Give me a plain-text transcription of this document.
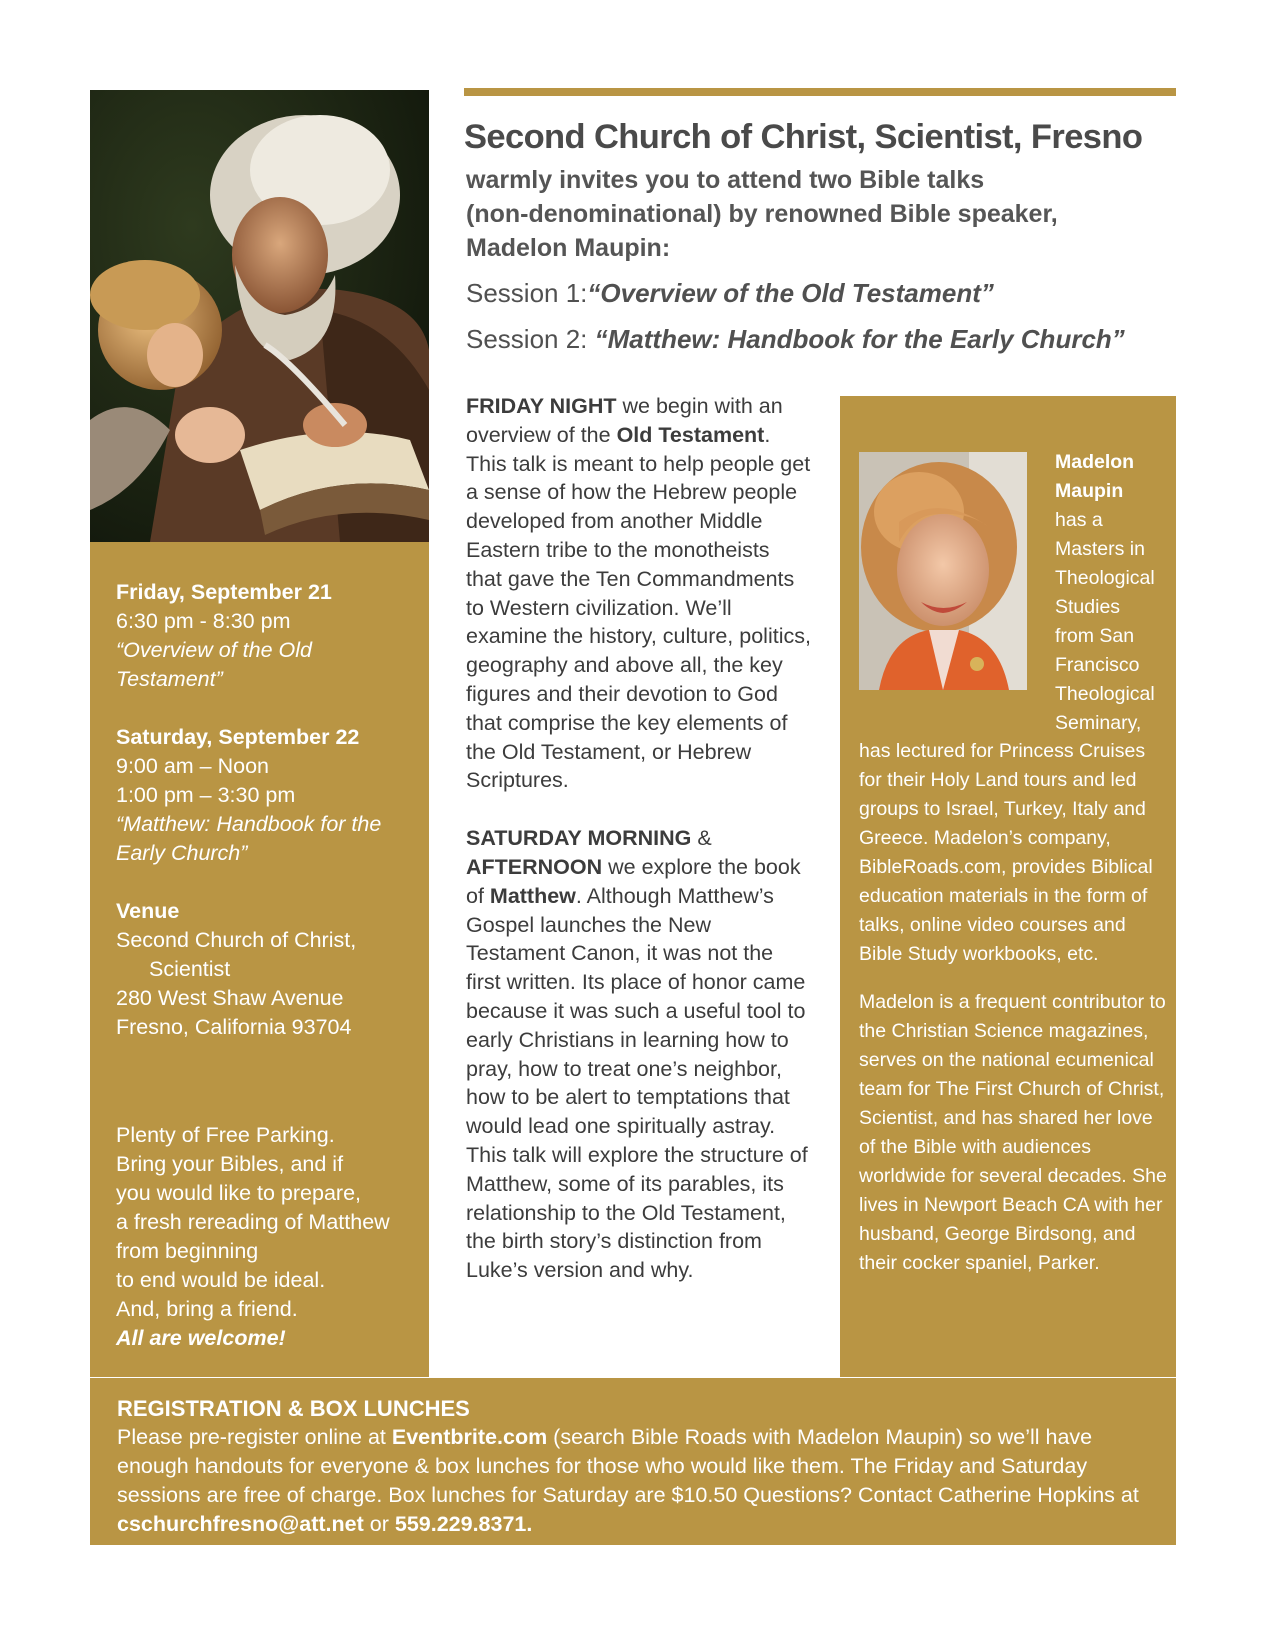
Friday, September 21
6:30 pm - 8:30 pm
“Overview of the Old
Testament”
Saturday, September 22
9:00 am – Noon
1:00 pm – 3:30 pm
“Matthew: Handbook for the
Early Church”
Venue
Second Church of Christ,
Scientist
280 West Shaw Avenue
Fresno, California 93704
Plenty of Free Parking.
Bring your Bibles, and if
you would like to prepare,
a fresh rereading of Matthew
from beginning
to end would be ideal.
And, bring a friend.
All are welcome!
Second Church of Christ, Scientist, Fresno
warmly invites you to attend two Bible talks
(non-denominational) by renowned Bible speaker,
Madelon Maupin:
Session 1:“Overview of the Old Testament”
Session 2: “Matthew: Handbook for the Early Church”
FRIDAY NIGHT we begin with an overview of the Old Testament. This talk is meant to help people get a sense of how the Hebrew people developed from another Middle Eastern tribe to the monotheists that gave the Ten Commandments to Western civilization. We’ll examine the history, culture, politics, geography and above all, the key figures and their devotion to God that comprise the key elements of the Old Testament, or Hebrew Scriptures.
SATURDAY MORNING & AFTERNOON we explore the book of Matthew. Although Matthew’s Gospel launches the New Testament Canon, it was not the first written. Its place of honor came because it was such a useful tool to early Christians in learning how to pray, how to treat one’s neighbor, how to be alert to temptations that would lead one spiritually astray. This talk will explore the structure of Matthew, some of its parables, its relationship to the Old Testament, the birth story’s distinction from Luke’s version and why.
Madelon
Maupin
has a
Masters in
Theological
Studies
from San
Francisco
Theological
Seminary,
has lectured for Princess Cruises for their Holy Land tours and led groups to Israel, Turkey, Italy and Greece. Madelon’s company, BibleRoads.com, provides Biblical education materials in the form of talks, online video courses and Bible Study workbooks, etc.
Madelon is a frequent contributor to the Christian Science magazines, serves on the national ecumenical team for The First Church of Christ, Scientist, and has shared her love of the Bible with audiences worldwide for several decades. She lives in Newport Beach CA with her husband, George Birdsong, and their cocker spaniel, Parker.
REGISTRATION & BOX LUNCHES
Please pre-register online at Eventbrite.com (search Bible Roads with Madelon Maupin) so we’ll have enough handouts for everyone & box lunches for those who would like them. The Friday and Saturday sessions are free of charge. Box lunches for Saturday are $10.50 Questions? Contact Catherine Hopkins at cschurchfresno@att.net or 559.229.8371.
